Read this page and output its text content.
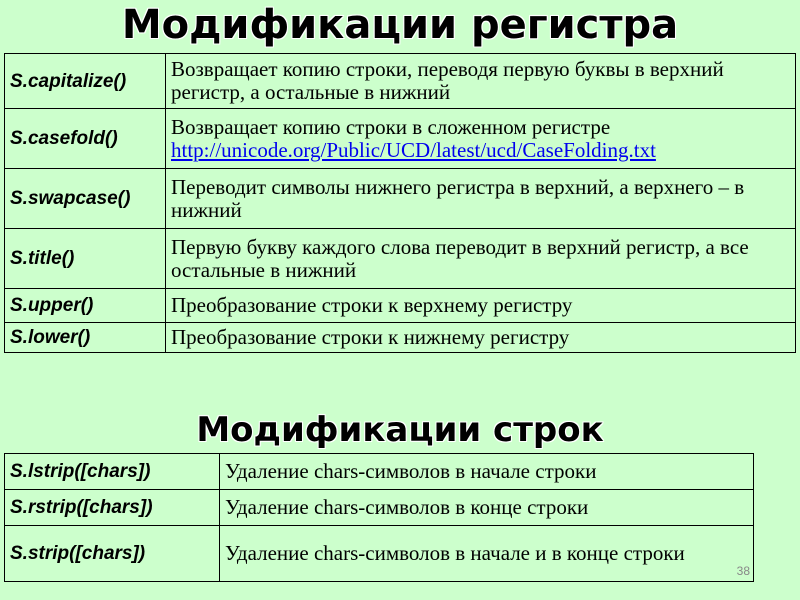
Модификации регистра
S.capitalize()	Возвращает копию строки, переводя первую буквы в верхний регистр, а остальные в нижний
S.casefold()	Возвращает копию строки в сложенном регистре
http://unicode.org/Public/UCD/latest/ucd/CaseFolding.txt
S.swapcase()	Переводит символы нижнего регистра в верхний, а верхнего – в нижний
S.title()	Первую букву каждого слова переводит в верхний регистр, а все остальные в нижний
S.upper()	Преобразование строки к верхнему регистру
S.lower()	Преобразование строки к нижнему регистру
Модификации строк
S.lstrip([chars])	Удаление chars-символов в начале строки
S.rstrip([chars])	Удаление chars-символов в конце строки
S.strip([chars])	Удаление chars-символов в начале и в конце строки
38
